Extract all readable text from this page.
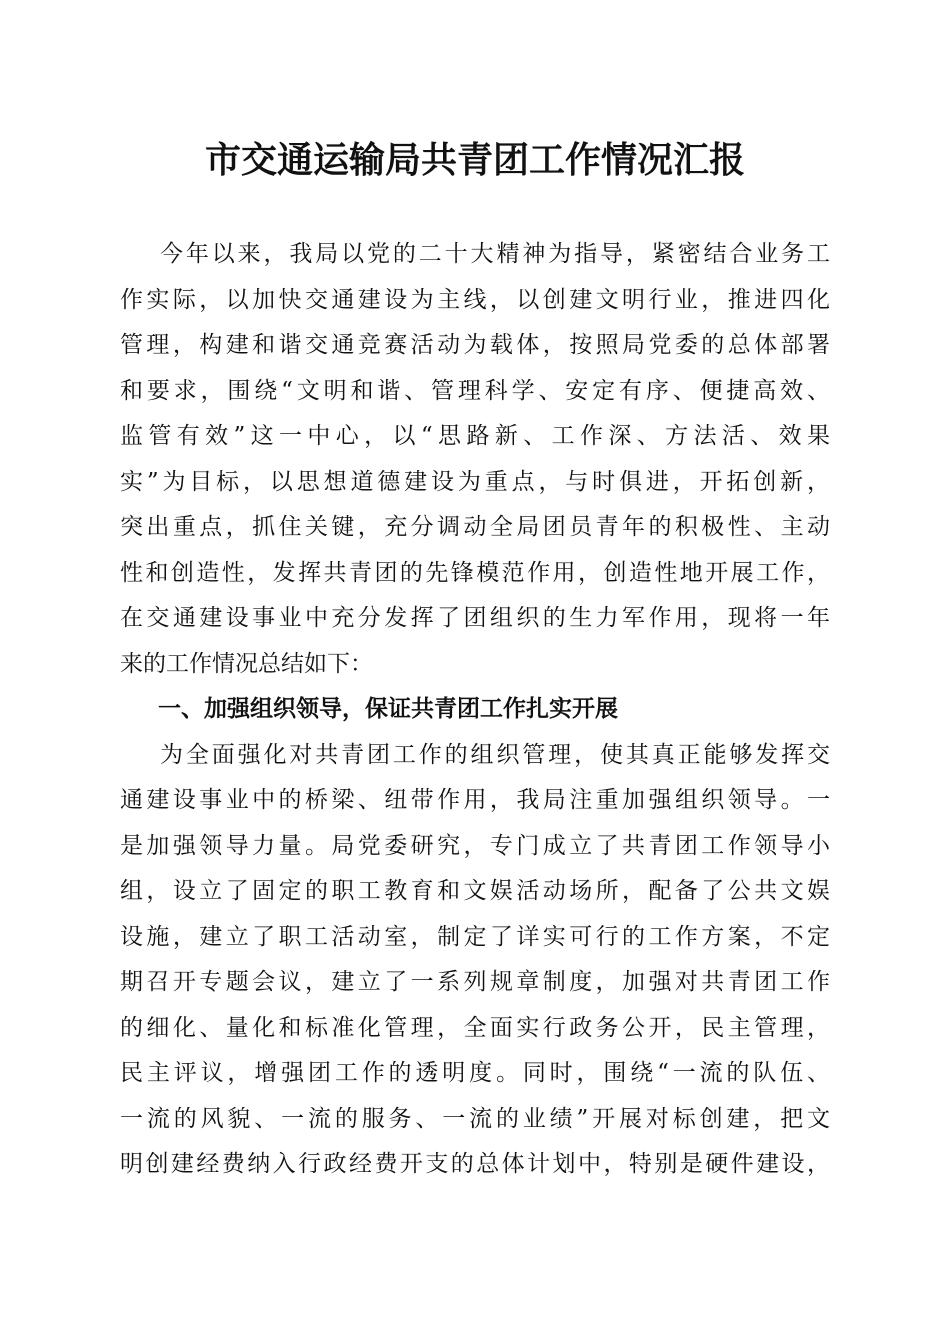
市交通运输局共青团工作情况汇报
今年以来，我局以党的二十大精神为指导，紧密结合业务工
作实际，以加快交通建设为主线，以创建文明行业，推进四化
管理，构建和谐交通竞赛活动为载体，按照局党委的总体部署
和要求，围绕“文明和谐、管理科学、安定有序、便捷高效、
监管有效”这一中心，以“思路新、工作深、方法活、效果
实”为目标，以思想道德建设为重点，与时俱进，开拓创新，
突出重点，抓住关键，充分调动全局团员青年的积极性、主动
性和创造性，发挥共青团的先锋模范作用，创造性地开展工作，
在交通建设事业中充分发挥了团组织的生力军作用，现将一年
来的工作情况总结如下：
一、加强组织领导，保证共青团工作扎实开展
为全面强化对共青团工作的组织管理，使其真正能够发挥交
通建设事业中的桥梁、纽带作用，我局注重加强组织领导。一
是加强领导力量。局党委研究，专门成立了共青团工作领导小
组，设立了固定的职工教育和文娱活动场所，配备了公共文娱
设施，建立了职工活动室，制定了详实可行的工作方案，不定
期召开专题会议，建立了一系列规章制度，加强对共青团工作
的细化、量化和标准化管理，全面实行政务公开，民主管理，
民主评议，增强团工作的透明度。同时，围绕“一流的队伍、
一流的风貌、一流的服务、一流的业绩”开展对标创建，把文
明创建经费纳入行政经费开支的总体计划中，特别是硬件建设，
